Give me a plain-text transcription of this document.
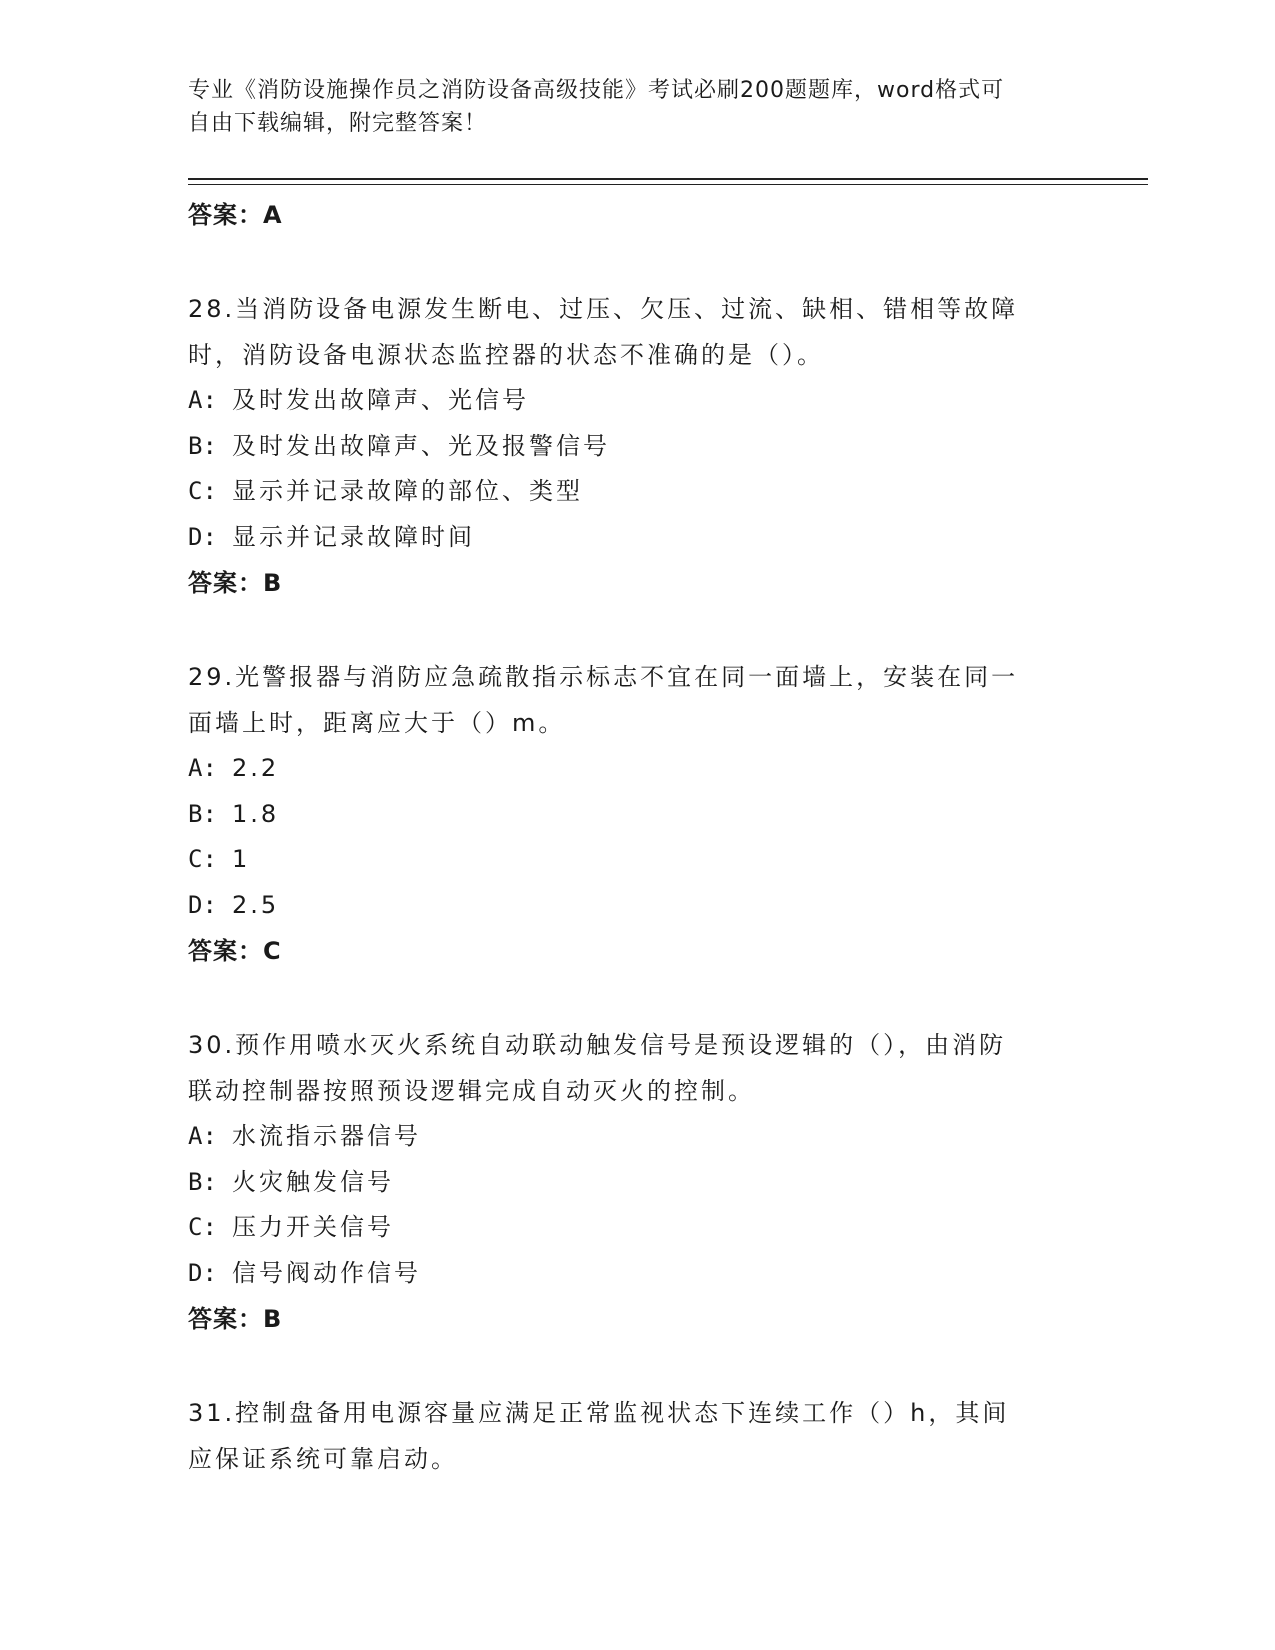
专业《消防设施操作员之消防设备高级技能》考试必刷200题题库，word格式可
自由下载编辑，附完整答案！
答案：A
28.当消防设备电源发生断电、过压、欠压、过流、缺相、错相等故障
时，消防设备电源状态监控器的状态不准确的是（）。
A: 及时发出故障声、光信号
B: 及时发出故障声、光及报警信号
C: 显示并记录故障的部位、类型
D: 显示并记录故障时间
答案：B
29.光警报器与消防应急疏散指示标志不宜在同一面墙上，安装在同一
面墙上时，距离应大于（）m。
A: 2.2
B: 1.8
C: 1
D: 2.5
答案：C
30.预作用喷水灭火系统自动联动触发信号是预设逻辑的（），由消防
联动控制器按照预设逻辑完成自动灭火的控制。
A: 水流指示器信号
B: 火灾触发信号
C: 压力开关信号
D: 信号阀动作信号
答案：B
31.控制盘备用电源容量应满足正常监视状态下连续工作（）h，其间
应保证系统可靠启动。
